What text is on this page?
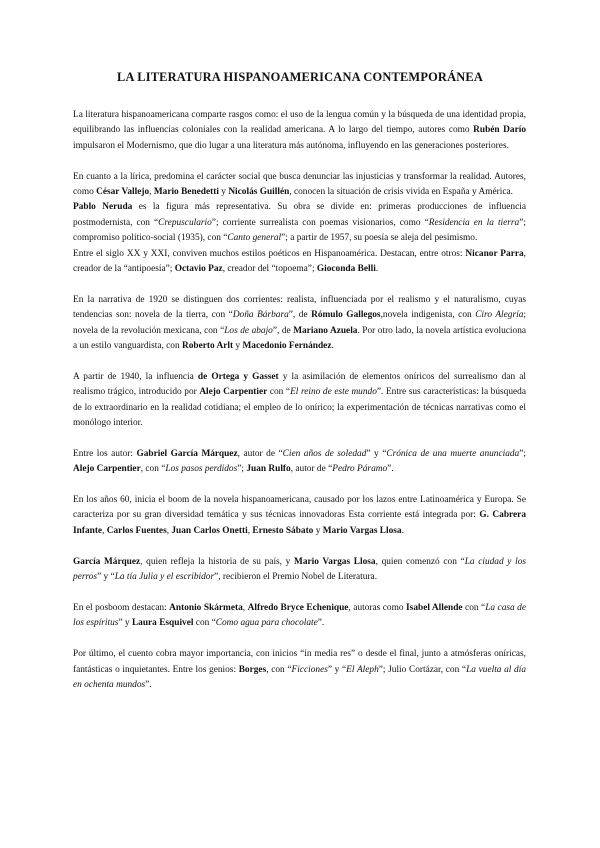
LA LITERATURA HISPANOAMERICANA CONTEMPORÁNEA

La literatura hispanoamericana comparte rasgos como: el uso de la lengua común y la búsqueda de una identidad propia, equilibrando las influencias coloniales con la realidad americana. A lo largo del tiempo, autores como Rubén Darío impulsaron el Modernismo, que dio lugar a una literatura más autónoma, influyendo en las generaciones posteriores.

En cuanto a la lírica, predomina el carácter social que busca denunciar las injusticias y transformar la realidad. Autores, como César Vallejo, Mario Benedetti y Nicolás Guillén, conocen la situación de crisis vivida en España y América.

Pablo Neruda es la figura más representativa. Su obra se divide en: primeras producciones de influencia postmodernista, con “Crepusculario”; corriente surrealista con poemas visionarios, como “Residencia en la tierra”; compromiso político-social (1935), con “Canto general”; a partir de 1957, su poesía se aleja del pesimismo.

Entre el siglo XX y XXI, conviven muchos estilos poéticos en Hispanoamérica. Destacan, entre otros: Nicanor Parra, creador de la “antipoesía”; Octavio Paz, creador del “topoema”; Gioconda Belli.

En la narrativa de 1920 se distinguen dos corrientes: realista, influenciada por el realismo y el naturalismo, cuyas tendencias son: novela de la tierra, con “Doña Bárbara”, de Rómulo Gallegos,novela indigenista, con Ciro Alegría; novela de la revolución mexicana, con “Los de abajo”, de Mariano Azuela. Por otro lado, la novela artística evoluciona a un estilo vanguardista, con Roberto Arlt y Macedonio Fernández.

A partir de 1940, la influencia de Ortega y Gasset y la asimilación de elementos oníricos del surrealismo dan al realismo trágico, introducido por Alejo Carpentier con “El reino de este mundo”. Entre sus características: la búsqueda de lo extraordinario en la realidad cotidiana; el empleo de lo onírico; la experimentación de técnicas narrativas como el monólogo interior.

Entre los autor: Gabriel García Márquez, autor de “Cien años de soledad” y “Crónica de una muerte anunciada”; Alejo Carpentier, con “Los pasos perdidos”; Juan Rulfo, autor de “Pedro Páramo”.

En los años 60, inicia el boom de la novela hispanoamericana, causado por los lazos entre Latinoamérica y Europa. Se caracteriza por su gran diversidad temática y sus técnicas innovadoras Esta corriente está integrada por: G. Cabrera Infante, Carlos Fuentes, Juan Carlos Onetti, Ernesto Sábato y Mario Vargas Llosa.

García Márquez, quien refleja la historia de su país, y Mario Vargas Llosa, quien comenzó con “La ciudad y los perros” y “La tía Julia y el escribidor”, recibieron el Premio Nobel de Literatura.

En el posboom destacan: Antonio Skármeta, Alfredo Bryce Echenique, autoras como Isabel Allende con “La casa de los espíritus” y Laura Esquivel con “Como agua para chocolate”.

Por último, el cuento cobra mayor importancia, con inicios “in media res” o desde el final, junto a atmósferas oníricas, fantásticas o inquietantes. Entre los genios: Borges, con “Ficciones” y “El Aleph”; Julio Cortázar, con “La vuelta al día en ochenta mundos”.
